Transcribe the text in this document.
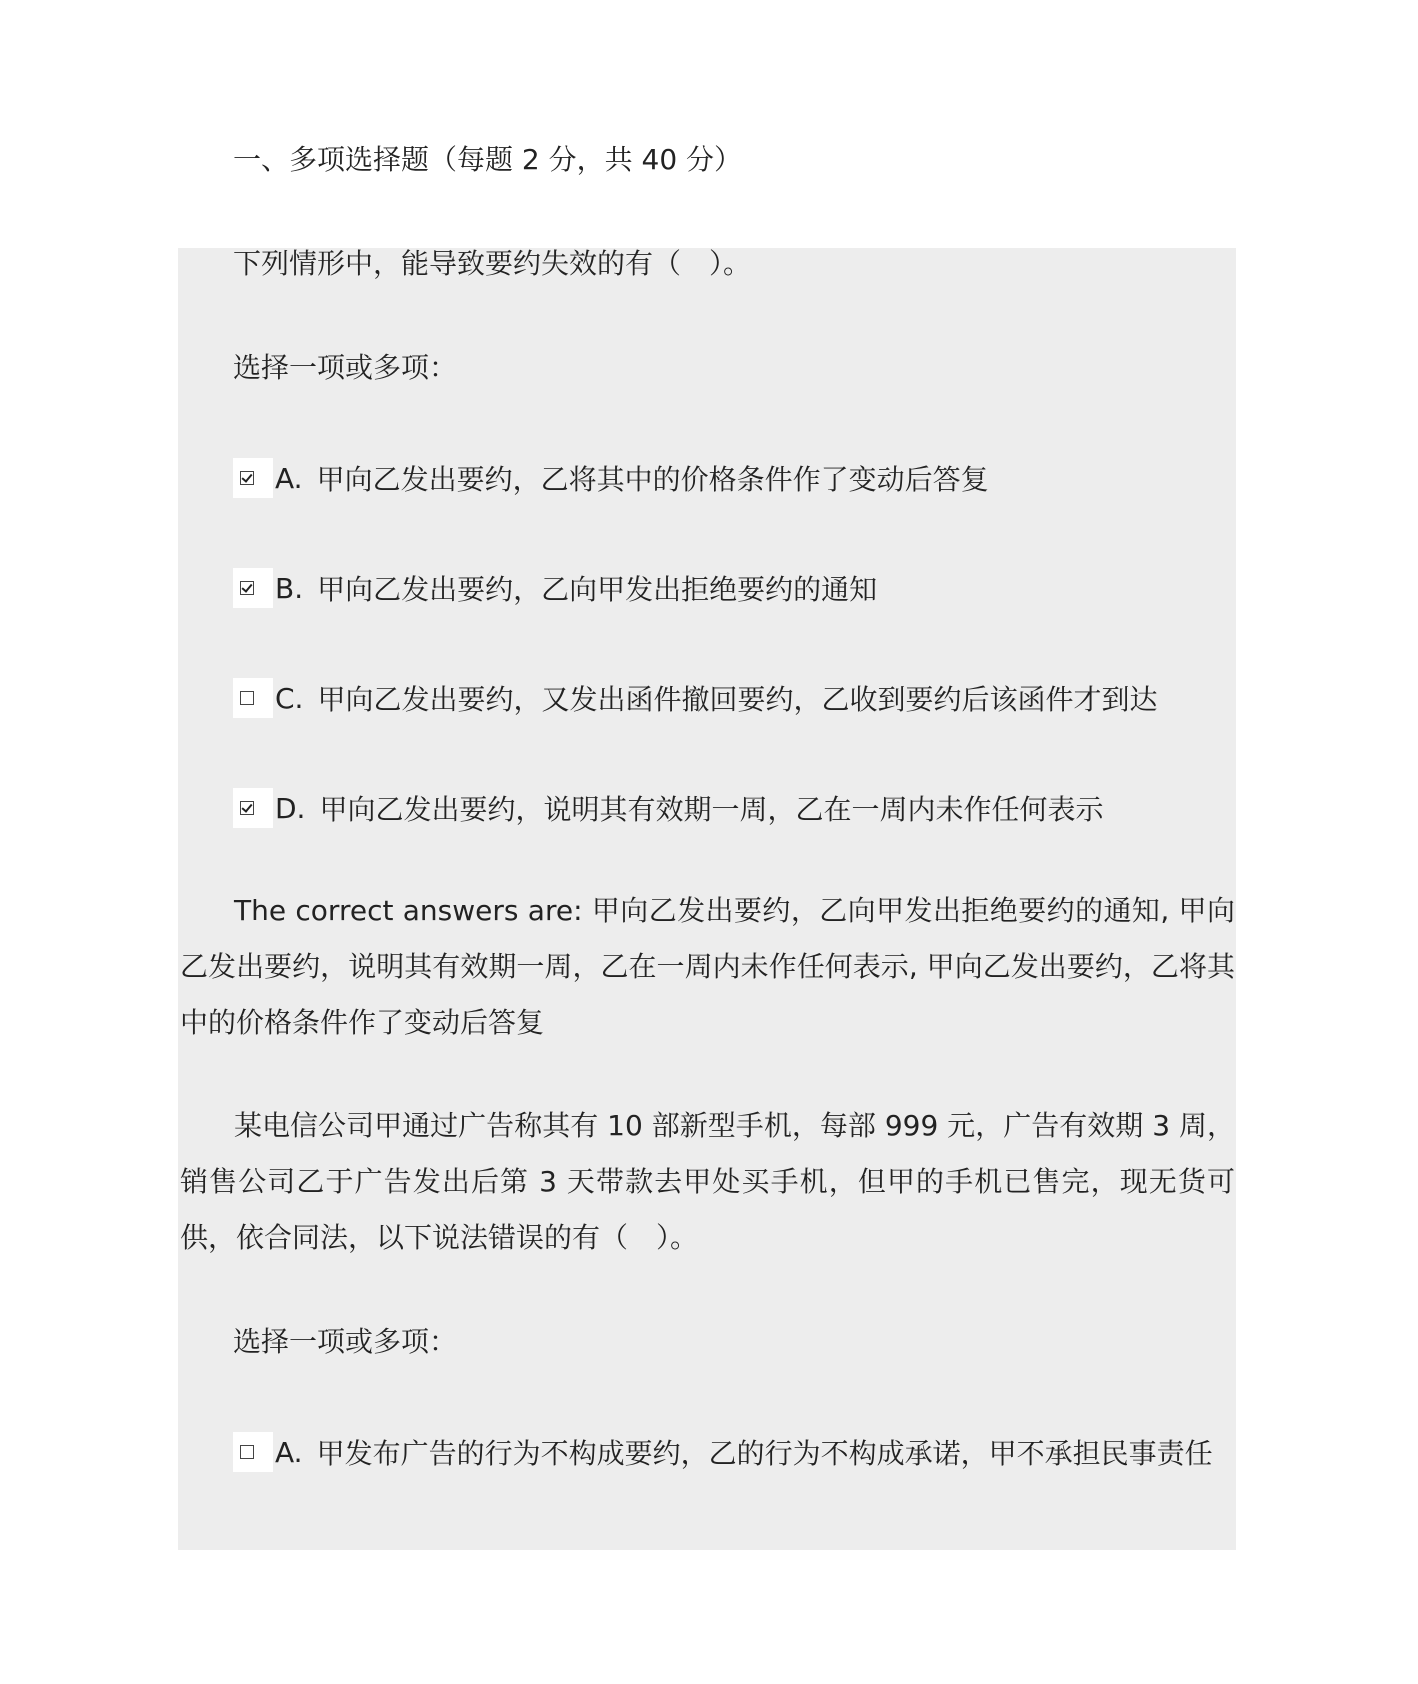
一、多项选择题（每题 2 分，共 40 分）
下列情形中，能导致要约失效的有（　）。
选择一项或多项：
A. 甲向乙发出要约，乙将其中的价格条件作了变动后答复
B. 甲向乙发出要约，乙向甲发出拒绝要约的通知
C. 甲向乙发出要约，又发出函件撤回要约，乙收到要约后该函件才到达
D. 甲向乙发出要约，说明其有效期一周，乙在一周内未作任何表示
The correct answers are: 甲向乙发出要约，乙向甲发出拒绝要约的通知, 甲向乙发出要约，说明其有效期一周，乙在一周内未作任何表示, 甲向乙发出要约，乙将其中的价格条件作了变动后答复
某电信公司甲通过广告称其有 10 部新型手机，每部 999 元，广告有效期 3 周，销售公司乙于广告发出后第 3 天带款去甲处买手机，但甲的手机已售完，现无货可供，依合同法，以下说法错误的有（　）。
选择一项或多项：
A. 甲发布广告的行为不构成要约，乙的行为不构成承诺，甲不承担民事责任
